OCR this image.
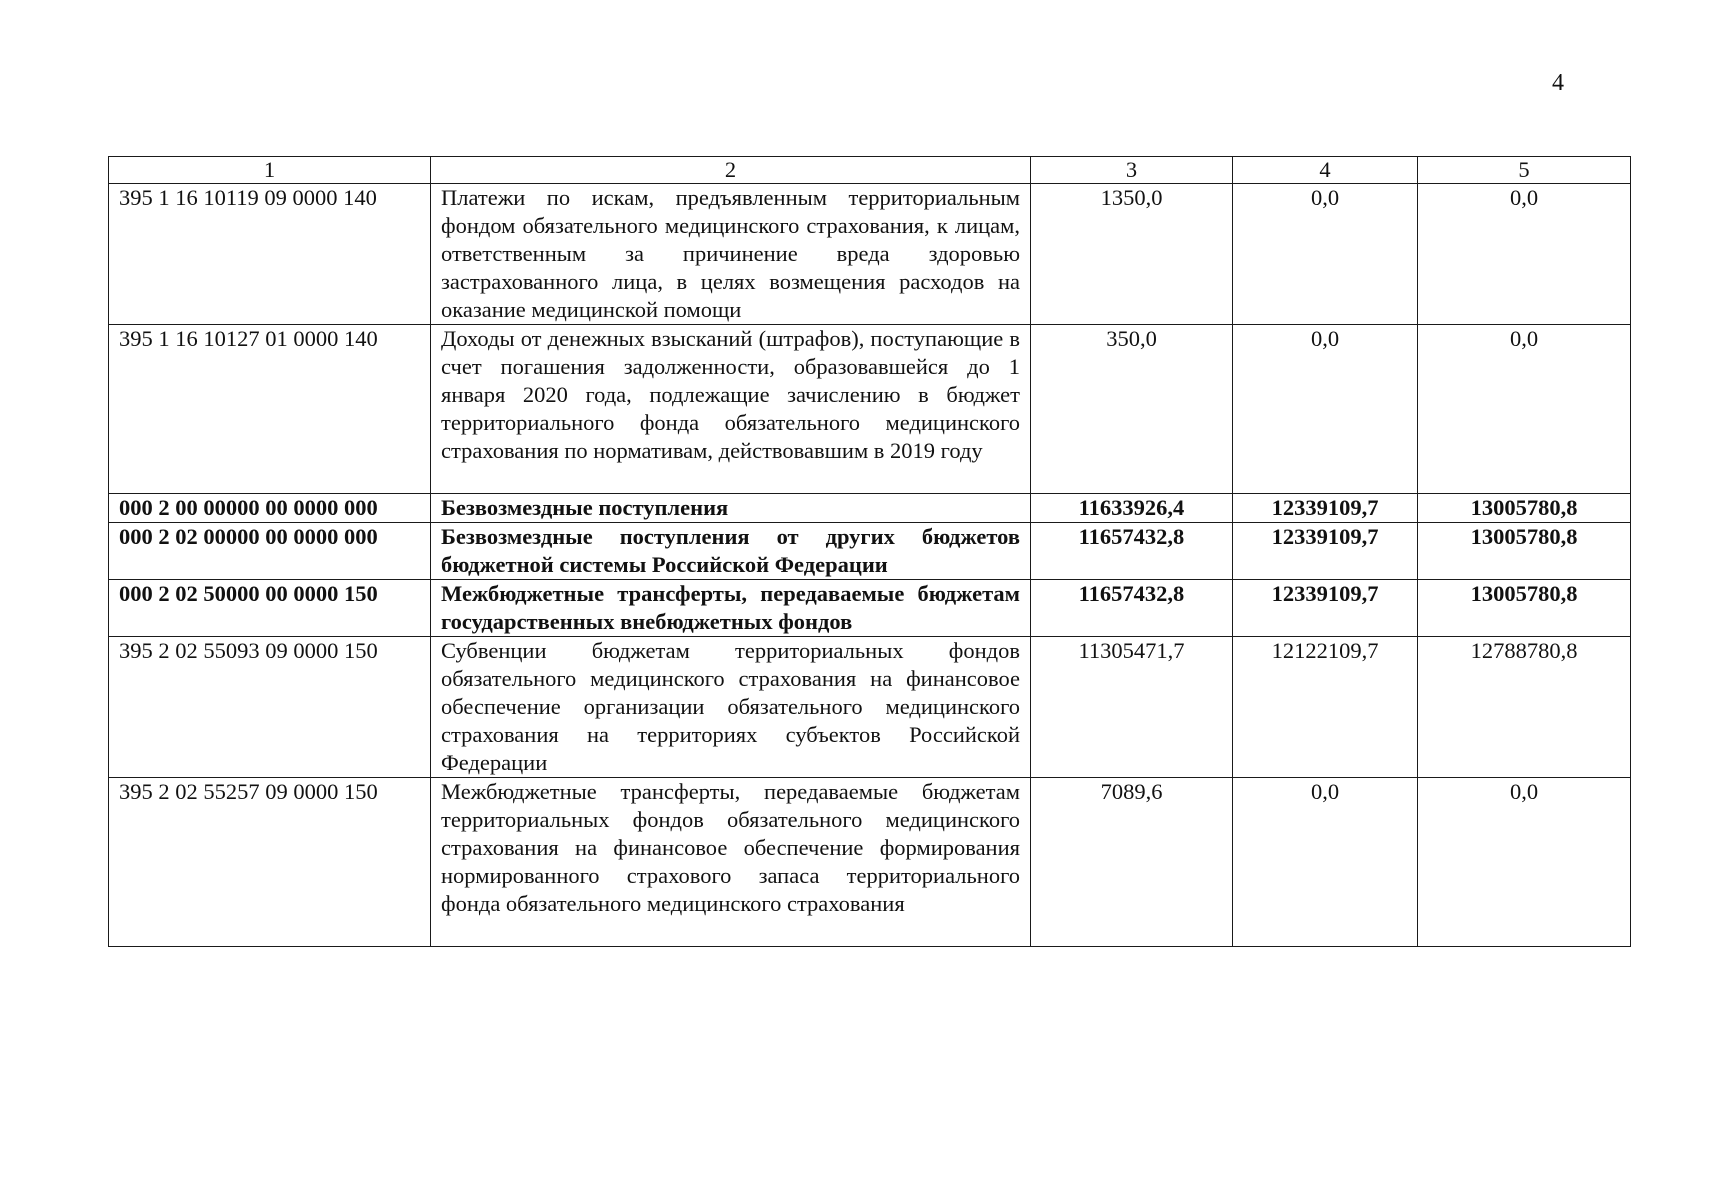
4
1	2	3	4	5
395 1 16 10119 09 0000 140	Платежи по искам, предъявленным территориальным фондом обязательного медицинского страхования, к лицам, ответственным за причинение вреда здоровью застрахованного лица, в целях возмещения расходов на оказание медицинской помощи	1350,0	0,0	0,0
395 1 16 10127 01 0000 140	Доходы от денежных взысканий (штрафов), поступающие в счет погашения задолженности, образовавшейся до 1 января 2020 года, подлежащие зачислению в бюджет территориального фонда обязательного медицинского страхования по нормативам, действовавшим в 2019 году	350,0	0,0	0,0
000 2 00 00000 00 0000 000	Безвозмездные поступления	11633926,4	12339109,7	13005780,8
000 2 02 00000 00 0000 000	Безвозмездные поступления от других бюджетов бюджетной системы Российской Федерации	11657432,8	12339109,7	13005780,8
000 2 02 50000 00 0000 150	Межбюджетные трансферты, передаваемые бюджетам государственных внебюджетных фондов	11657432,8	12339109,7	13005780,8
395 2 02 55093 09 0000 150	Субвенции бюджетам территориальных фондов обязательного медицинского страхования на финансовое обеспечение организации обязательного медицинского страхования на территориях субъектов Российской Федерации	11305471,7	12122109,7	12788780,8
395 2 02 55257 09 0000 150	Межбюджетные трансферты, передаваемые бюджетам территориальных фондов обязательного медицинского страхования на финансовое обеспечение формирования нормированного страхового запаса территориального фонда обязательного медицинского страхования	7089,6	0,0	0,0
